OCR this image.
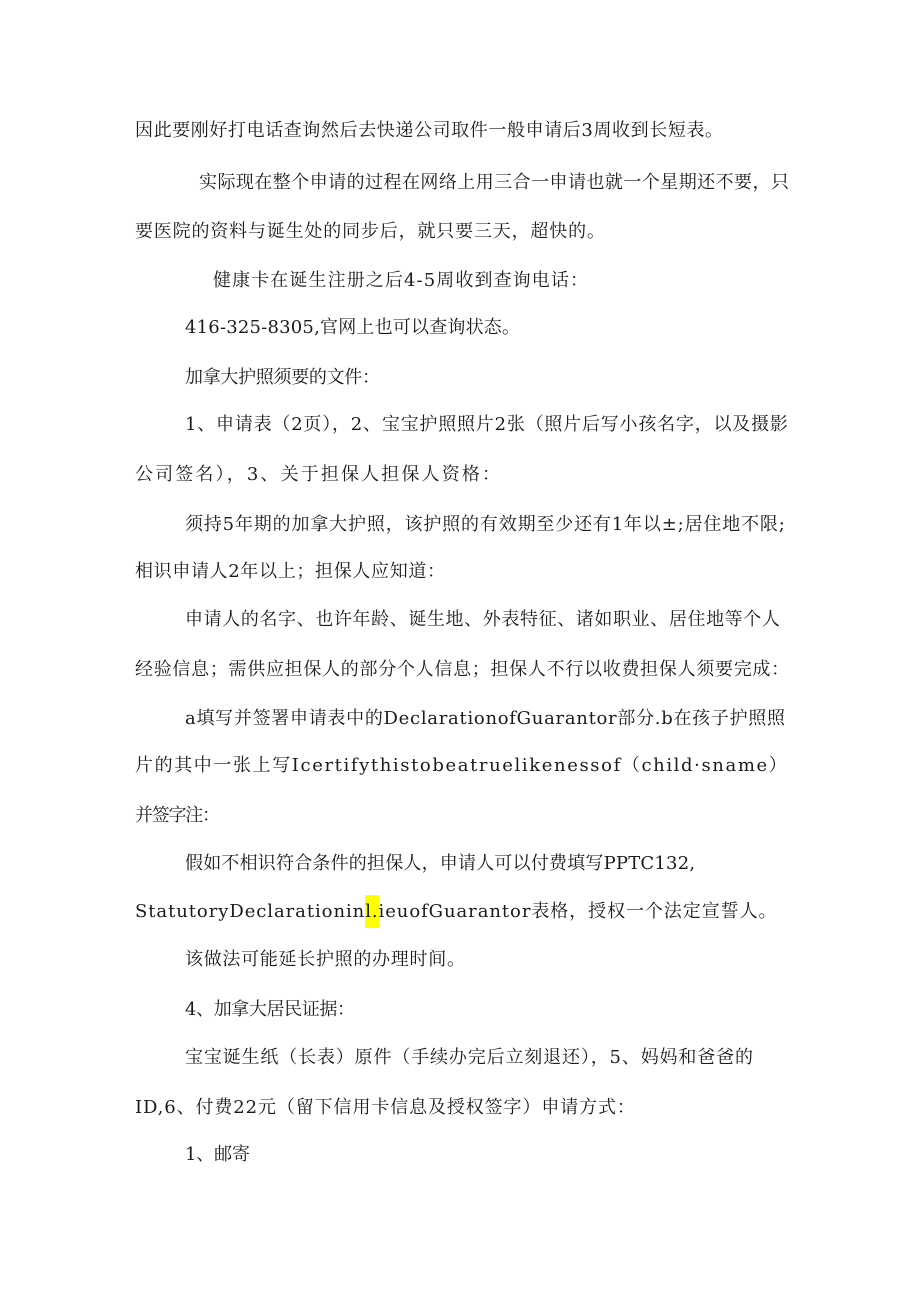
因此要刚好打电话查询然后去快递公司取件一般申请后3周收到长短表。
实际现在整个申请的过程在网络上用三合一申请也就一个星期还不要，只
要医院的资料与诞生处的同步后，就只要三天，超快的。
健康卡在诞生注册之后4-5周收到查询电话：
416-325-8305,官网上也可以查询状态。
加拿大护照须要的文件：
1、申请表（2页），2、宝宝护照照片2张（照片后写小孩名字，以及摄影
公司签名），3、关于担保人担保人资格：
须持5年期的加拿大护照，该护照的有效期至少还有1年以±;居住地不限;
相识申请人2年以上；担保人应知道：
申请人的名字、也许年龄、诞生地、外表特征、诸如职业、居住地等个人
经验信息；需供应担保人的部分个人信息；担保人不行以收费担保人须要完成：
a填写并签署申请表中的DeclarationofGuarantor部分.b在孩子护照照
片的其中一张上写Icertifythistobeatruelikenessof（child·sname）
并签字注：
假如不相识符合条件的担保人，申请人可以付费填写PPTC132,
StatutoryDeclarationinl.ieuofGuarantor表格，授权一个法定宣誓人。
该做法可能延长护照的办理时间。
4、加拿大居民证据：
宝宝诞生纸（长表）原件（手续办完后立刻退还），5、妈妈和爸爸的
ID,6、付费22元（留下信用卡信息及授权签字）申请方式：
1、邮寄
